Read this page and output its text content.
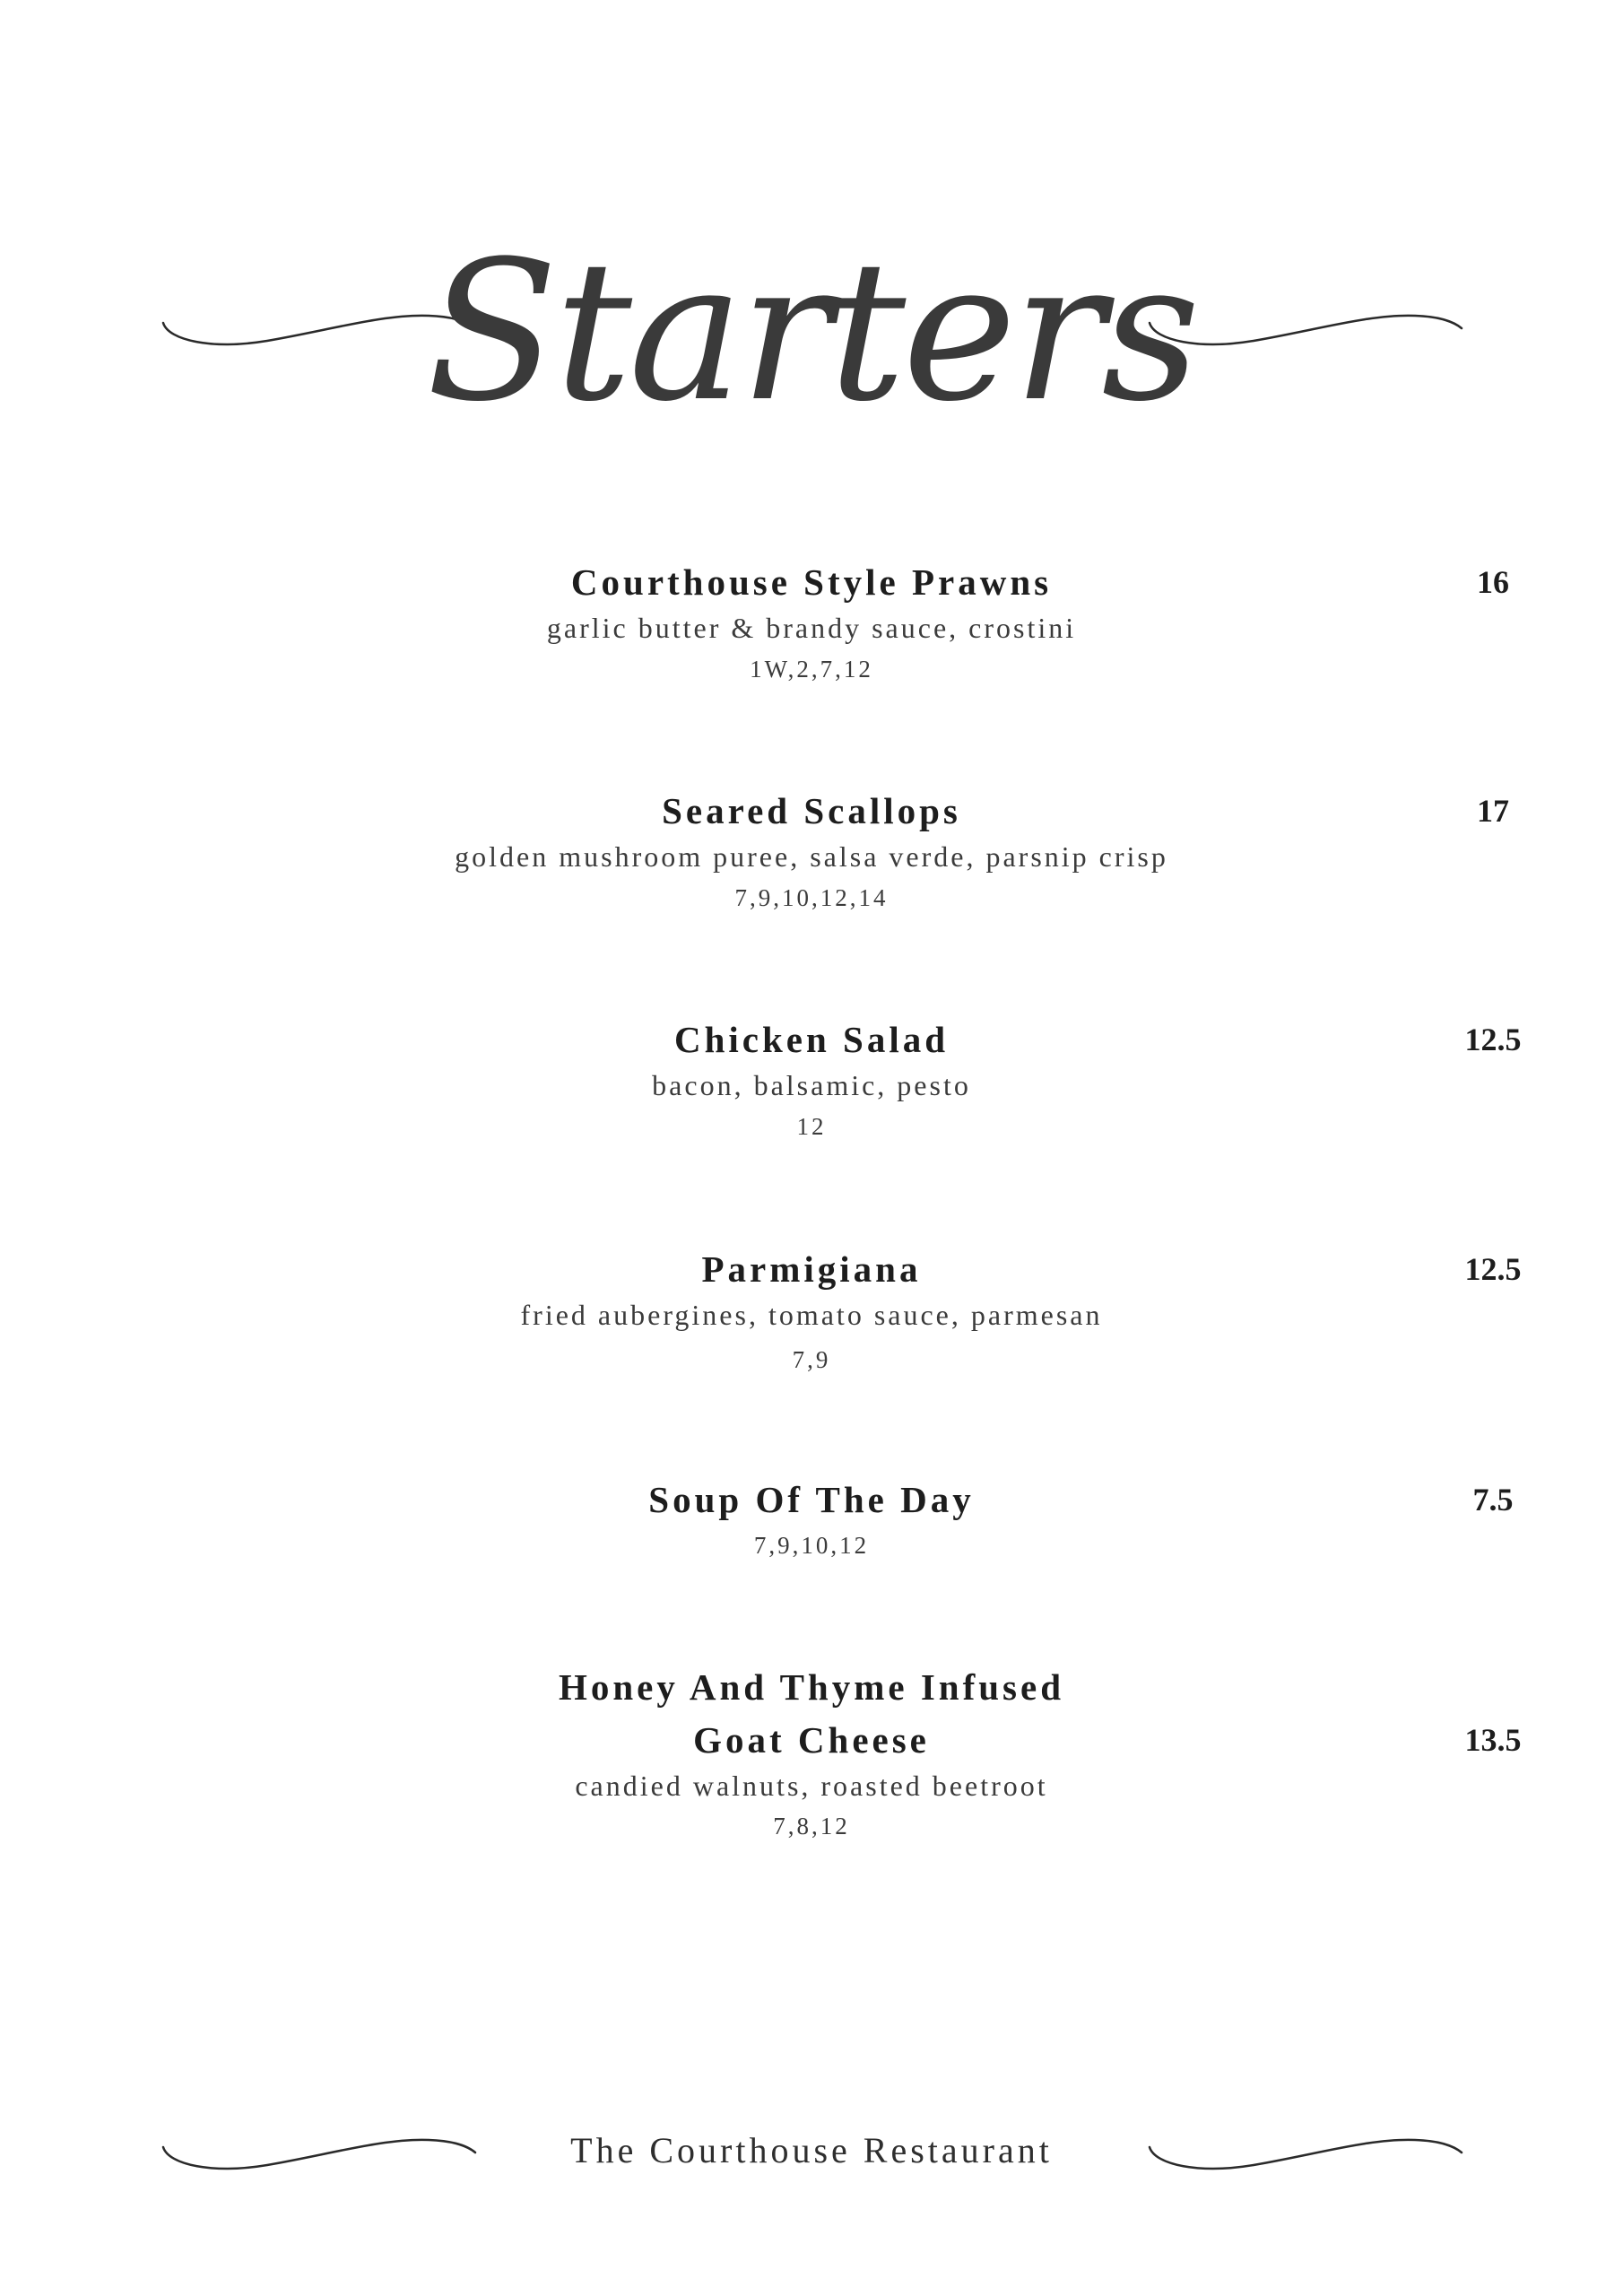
Starters
Courthouse Style Prawns	16
garlic butter & brandy sauce, crostini
1W,2,7,12
Seared Scallops	17
golden mushroom puree, salsa verde, parsnip crisp
7,9,10,12,14
Chicken Salad	12.5
bacon, balsamic, pesto
12
Parmigiana	12.5
fried aubergines, tomato sauce, parmesan
7,9
Soup Of The Day	7.5
7,9,10,12
Honey And Thyme Infused
Goat Cheese	13.5
candied walnuts, roasted beetroot
7,8,12
The Courthouse Restaurant
